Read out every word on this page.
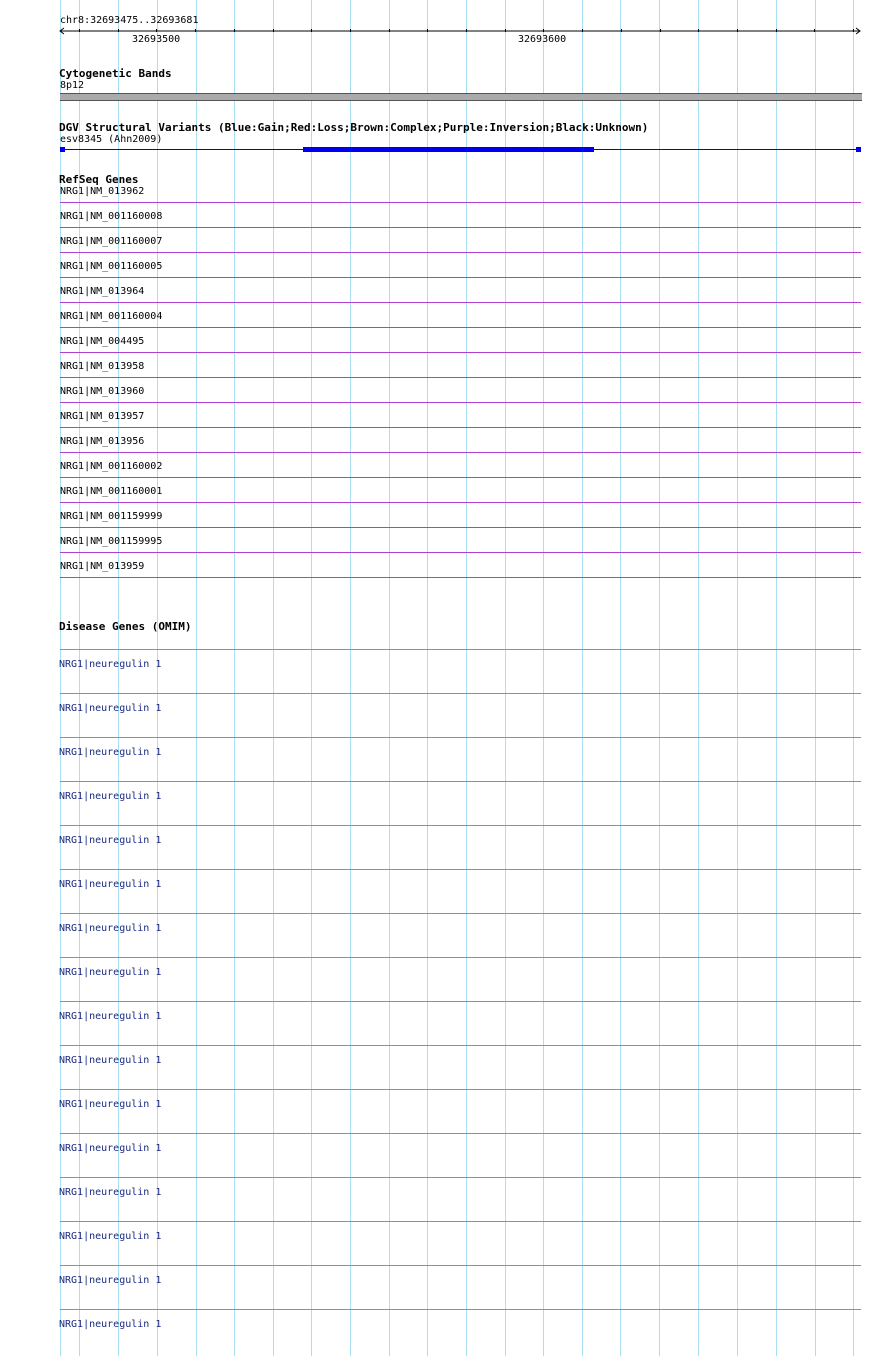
chr8:32693475..32693681
32693500	32693600
Cytogenetic Bands
8p12
DGV Structural Variants (Blue:Gain;Red:Loss;Brown:Complex;Purple:Inversion;Black:Unknown)
esv8345 (Ahn2009)
RefSeq Genes
NRG1|NM_013962
NRG1|NM_001160008
NRG1|NM_001160007
NRG1|NM_001160005
NRG1|NM_013964
NRG1|NM_001160004
NRG1|NM_004495
NRG1|NM_013958
NRG1|NM_013960
NRG1|NM_013957
NRG1|NM_013956
NRG1|NM_001160002
NRG1|NM_001160001
NRG1|NM_001159999
NRG1|NM_001159995
NRG1|NM_013959
Disease Genes (OMIM)
NRG1|neuregulin 1
NRG1|neuregulin 1
NRG1|neuregulin 1
NRG1|neuregulin 1
NRG1|neuregulin 1
NRG1|neuregulin 1
NRG1|neuregulin 1
NRG1|neuregulin 1
NRG1|neuregulin 1
NRG1|neuregulin 1
NRG1|neuregulin 1
NRG1|neuregulin 1
NRG1|neuregulin 1
NRG1|neuregulin 1
NRG1|neuregulin 1
NRG1|neuregulin 1
